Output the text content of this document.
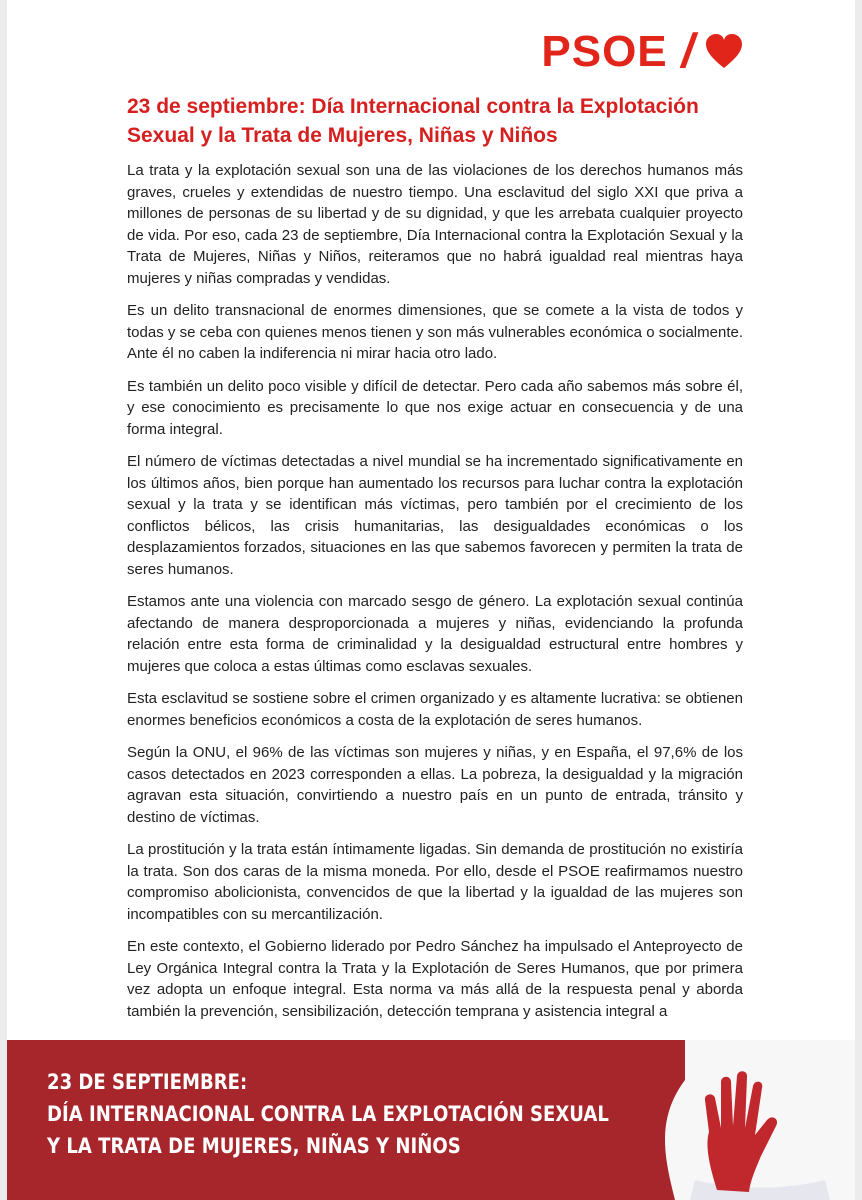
PSOE /
23 de septiembre: Día Internacional contra la Explotación Sexual y la Trata de Mujeres, Niñas y Niños

La trata y la explotación sexual son una de las violaciones de los derechos humanos más graves, crueles y extendidas de nuestro tiempo. Una esclavitud del siglo XXI que priva a millones de personas de su libertad y de su dignidad, y que les arrebata cualquier proyecto de vida. Por eso, cada 23 de septiembre, Día Internacional contra la Explotación Sexual y la Trata de Mujeres, Niñas y Niños, reiteramos que no habrá igualdad real mientras haya mujeres y niñas compradas y vendidas.

Es un delito transnacional de enormes dimensiones, que se comete a la vista de todos y todas y se ceba con quienes menos tienen y son más vulnerables económica o socialmente. Ante él no caben la indiferencia ni mirar hacia otro lado.

Es también un delito poco visible y difícil de detectar. Pero cada año sabemos más sobre él, y ese conocimiento es precisamente lo que nos exige actuar en consecuencia y de una forma integral.

El número de víctimas detectadas a nivel mundial se ha incrementado significativamente en los últimos años, bien porque han aumentado los recursos para luchar contra la explotación sexual y la trata y se identifican más víctimas, pero también por el crecimiento de los conflictos bélicos, las crisis humanitarias, las desigualdades económicas o los desplazamientos forzados, situaciones en las que sabemos favorecen y permiten la trata de seres humanos.

Estamos ante una violencia con marcado sesgo de género. La explotación sexual continúa afectando de manera desproporcionada a mujeres y niñas, evidenciando la profunda relación entre esta forma de criminalidad y la desigualdad estructural entre hombres y mujeres que coloca a estas últimas como esclavas sexuales.

Esta esclavitud se sostiene sobre el crimen organizado y es altamente lucrativa: se obtienen enormes beneficios económicos a costa de la explotación de seres humanos.

Según la ONU, el 96% de las víctimas son mujeres y niñas, y en España, el 97,6% de los casos detectados en 2023 corresponden a ellas. La pobreza, la desigualdad y la migración agravan esta situación, convirtiendo a nuestro país en un punto de entrada, tránsito y destino de víctimas.

La prostitución y la trata están íntimamente ligadas. Sin demanda de prostitución no existiría la trata. Son dos caras de la misma moneda. Por ello, desde el PSOE reafirmamos nuestro compromiso abolicionista, convencidos de que la libertad y la igualdad de las mujeres son incompatibles con su mercantilización.

En este contexto, el Gobierno liderado por Pedro Sánchez ha impulsado el Anteproyecto de Ley Orgánica Integral contra la Trata y la Explotación de Seres Humanos, que por primera vez adopta un enfoque integral. Esta norma va más allá de la respuesta penal y aborda también la prevención, sensibilización, detección temprana y asistencia integral a

23 DE SEPTIEMBRE:
DÍA INTERNACIONAL CONTRA LA EXPLOTACIÓN SEXUAL
Y LA TRATA DE MUJERES, NIÑAS Y NIÑOS
